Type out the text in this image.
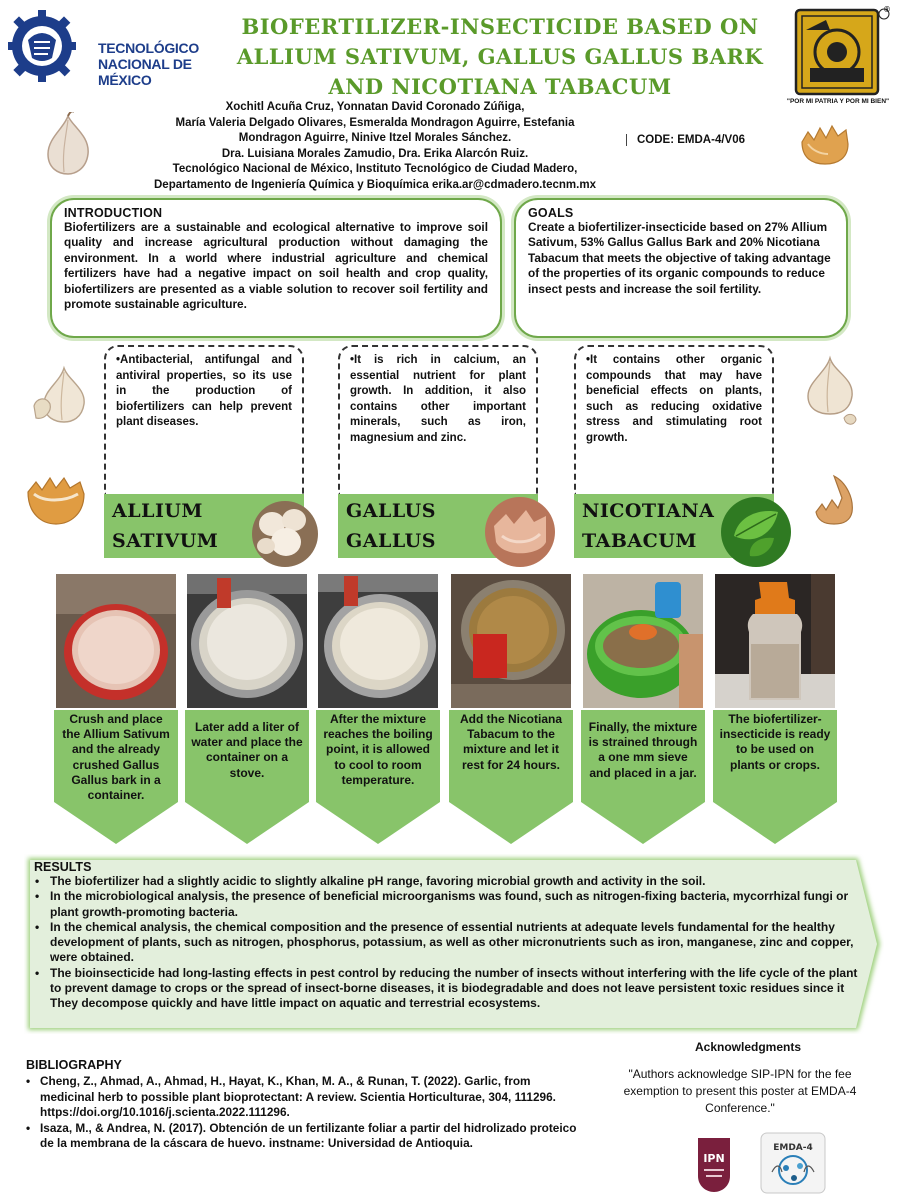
TECNOLÓGICO NACIONAL DE MÉXICO
BIOFERTILIZER-INSECTICIDE BASED ON ALLIUM SATIVUM, GALLUS GALLUS BARK AND NICOTIANA TABACUM
®
"POR MI PATRIA Y POR MI BIEN"
Xochitl Acuña Cruz, Yonnatan David Coronado Zúñiga,
María Valeria Delgado Olivares, Esmeralda Mondragon Aguirre, Estefania
Mondragon Aguirre, Ninive Itzel Morales Sánchez.
Dra. Luisiana Morales Zamudio, Dra. Erika Alarcón Ruiz.
Tecnológico Nacional de México, Instituto Tecnológico de Ciudad Madero,
Departamento de Ingeniería Química y Bioquímica erika.ar@cdmadero.tecnm.mx
CODE: EMDA-4/V06
INTRODUCTION
Biofertilizers are a sustainable and ecological alternative to improve soil quality and increase agricultural production without damaging the environment. In a world where industrial agriculture and chemical fertilizers have had a negative impact on soil health and crop quality, biofertilizers are presented as a viable solution to recover soil fertility and promote sustainable agriculture.
GOALS
Create a biofertilizer-insecticide based on 27% Allium Sativum, 53% Gallus Gallus Bark and 20% Nicotiana Tabacum that meets the objective of taking advantage of the properties of its organic compounds to reduce insect pests and increase the soil fertility.
•Antibacterial, antifungal and antiviral properties, so its use in the production of biofertilizers can help prevent plant diseases.
ALLIUM
SATIVUM
•It is rich in calcium, an essential nutrient for plant growth. In addition, it also contains other important minerals, such as iron, magnesium and zinc.
GALLUS
GALLUS
•It contains other organic compounds that may have beneficial effects on plants, such as reducing oxidative stress and stimulating root growth.
NICOTIANA
TABACUM
Crush and place the Allium Sativum and the already crushed Gallus Gallus bark in a container.
Later add a liter of water and place the container on a stove.
After the mixture reaches the boiling point, it is allowed to cool to room temperature.
Add the Nicotiana Tabacum to the mixture and let it rest for 24 hours.
Finally, the mixture is strained through a one mm sieve and placed in a jar.
The biofertilizer-insecticide is ready to be used on plants or crops.
RESULTS
• The biofertilizer had a slightly acidic to slightly alkaline pH range, favoring microbial growth and activity in the soil.
• In the microbiological analysis, the presence of beneficial microorganisms was found, such as nitrogen-fixing bacteria, mycorrhizal fungi or plant growth-promoting bacteria.
• In the chemical analysis, the chemical composition and the presence of essential nutrients at adequate levels fundamental for the healthy development of plants, such as nitrogen, phosphorus, potassium, as well as other micronutrients such as iron, manganese, zinc and copper, were obtained.
• The bioinsecticide had long-lasting effects in pest control by reducing the number of insects without interfering with the life cycle of the plant to prevent damage to crops or the spread of insect-borne diseases, it is biodegradable and does not leave persistent toxic residues since it They decompose quickly and have little impact on aquatic and terrestrial ecosystems.
BIBLIOGRAPHY
• Cheng, Z., Ahmad, A., Ahmad, H., Hayat, K., Khan, M. A., & Runan, T. (2022). Garlic, from medicinal herb to possible plant bioprotectant: A review. Scientia Horticulturae, 304, 111296. https://doi.org/10.1016/j.scienta.2022.111296.
• Isaza, M., & Andrea, N. (2017). Obtención de un fertilizante foliar a partir del hidrolizado proteico de la membrana de la cáscara de huevo. instname: Universidad de Antioquia.
Acknowledgments
"Authors acknowledge SIP-IPN for the fee exemption to present this poster at EMDA-4 Conference."
IPN
EMDA-4
